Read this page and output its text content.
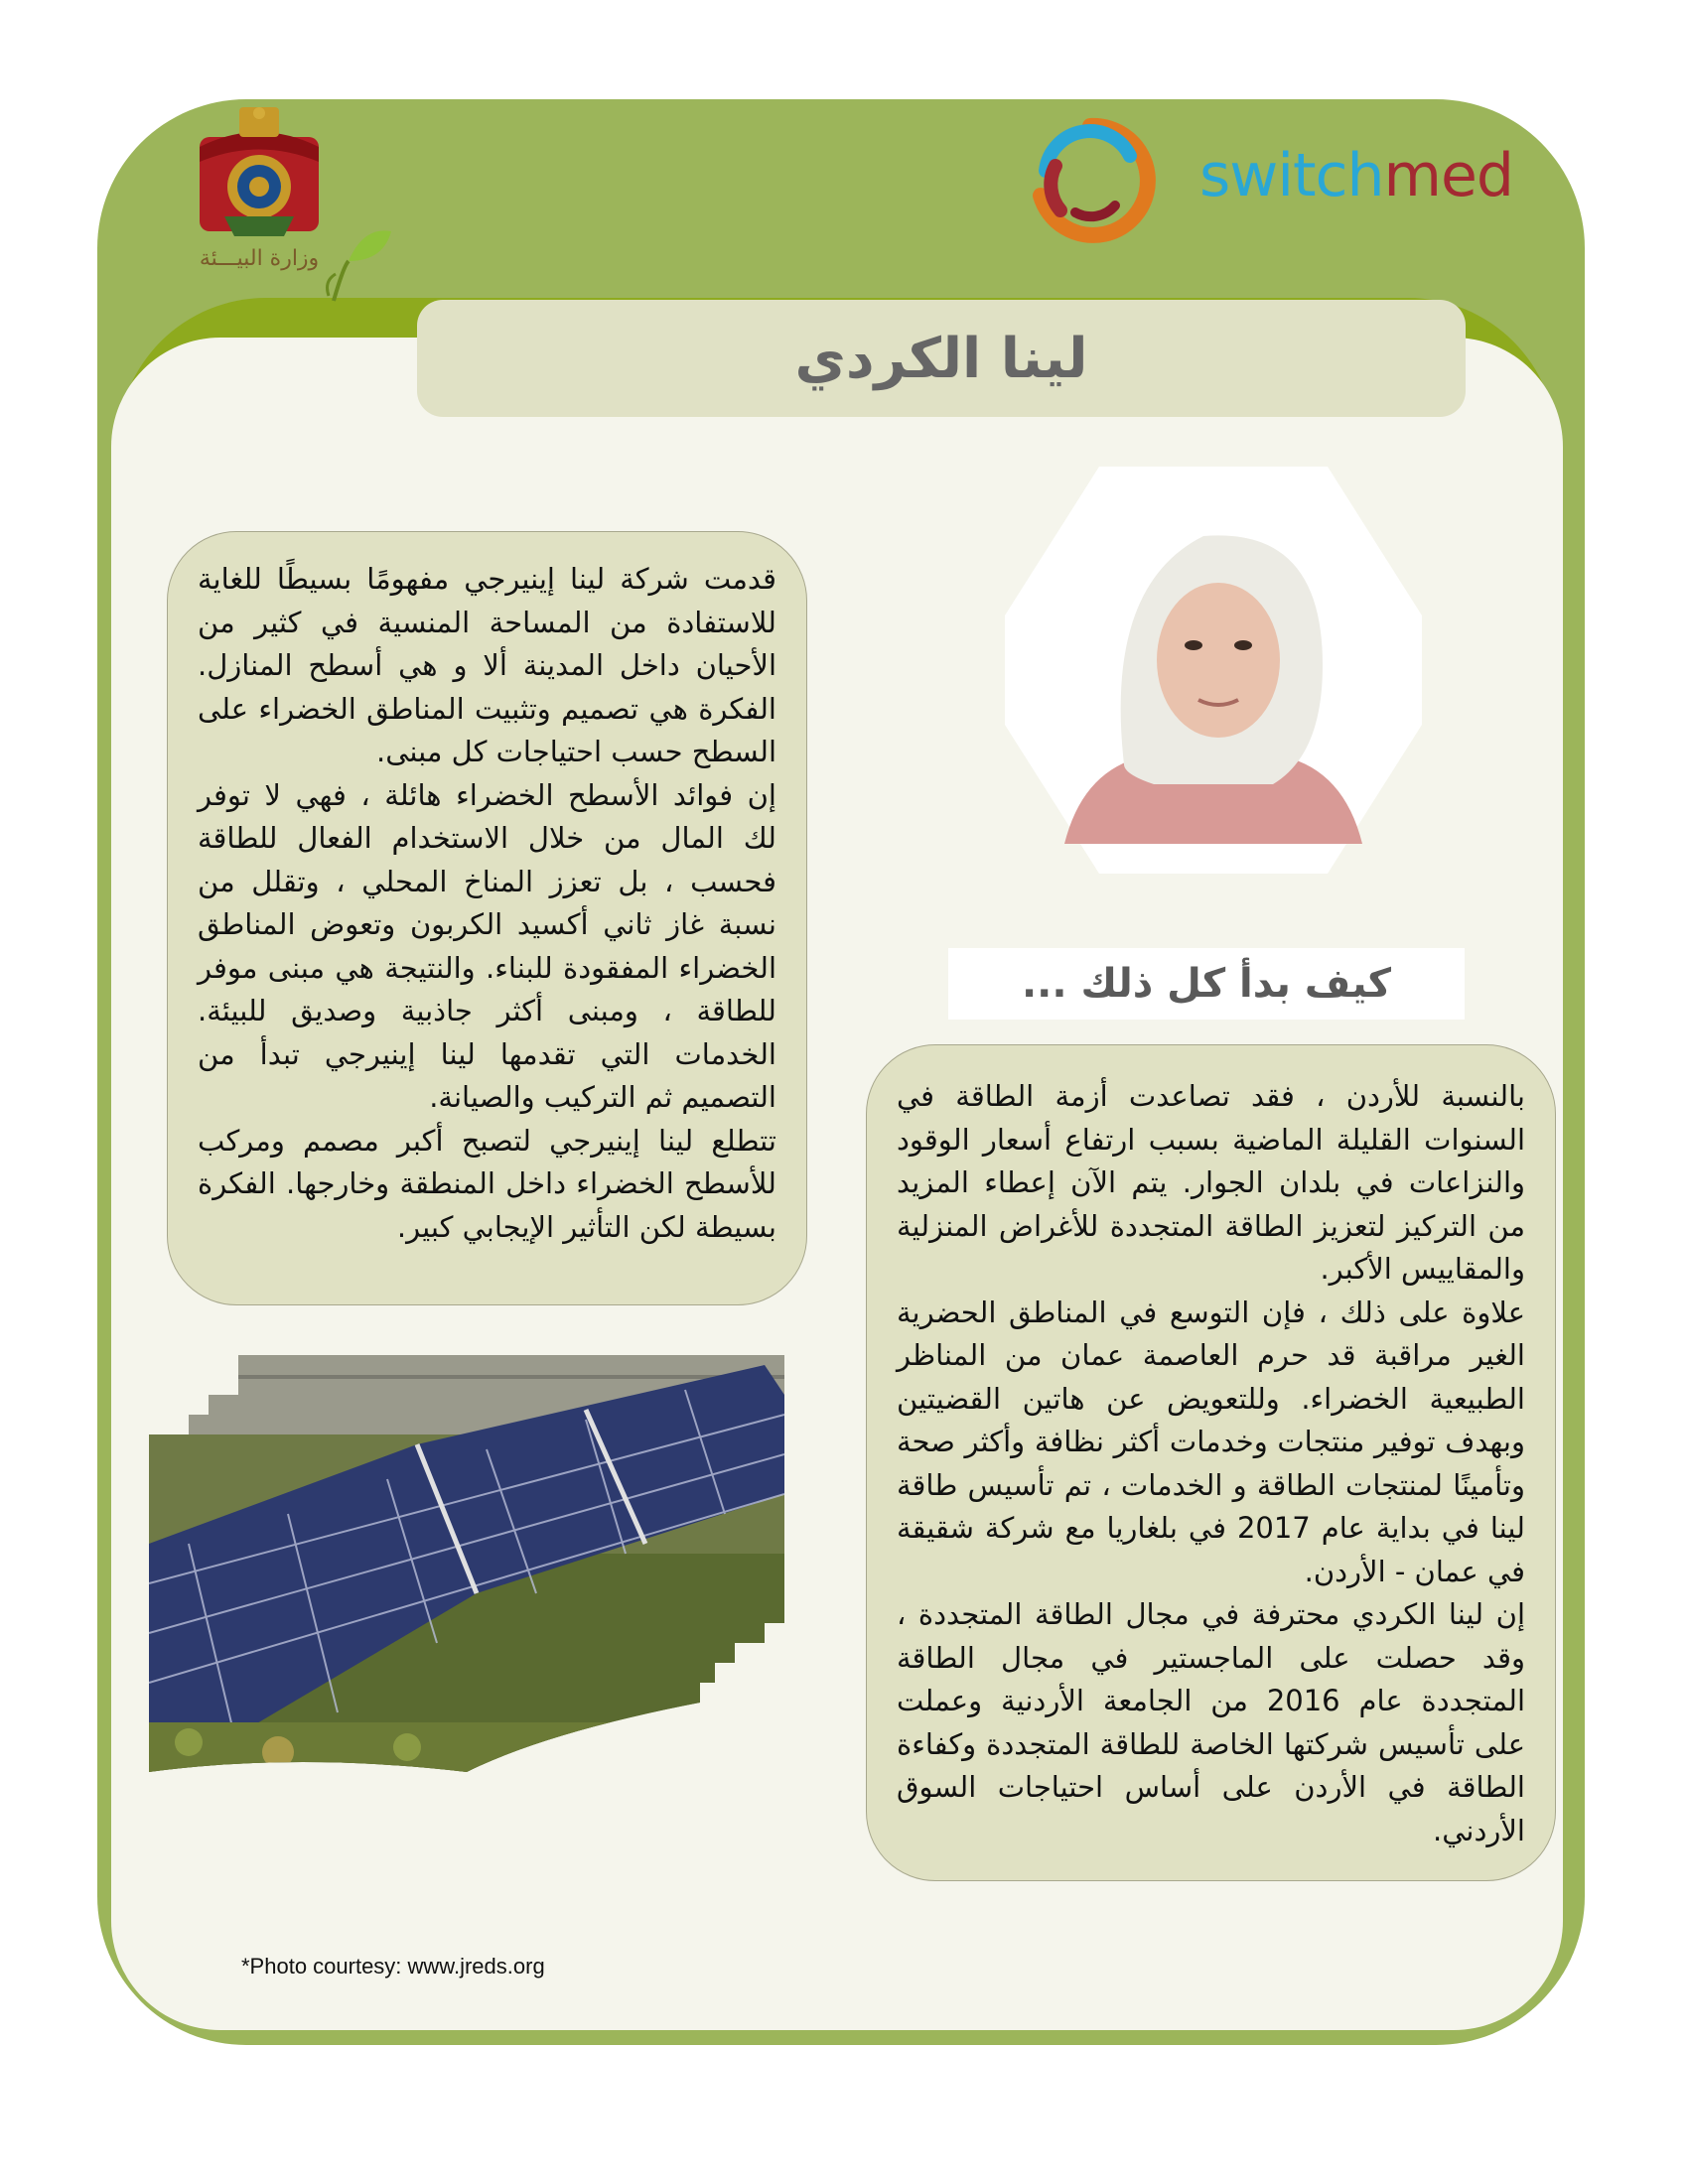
وزارة البيـــئة
switchmed
لينا الكردي
كيف بدأ كل ذلك ...

قدمت شركة لينا إينيرجي مفهومًا بسيطًا للغاية للاستفادة من المساحة المنسية في كثير من الأحيان داخل المدينة ألا و هي أسطح المنازل. الفكرة هي تصميم وتثبيت المناطق الخضراء على السطح حسب احتياجات كل مبنى.

إن فوائد الأسطح الخضراء هائلة ، فهي لا توفر لك المال من خلال الاستخدام الفعال للطاقة فحسب ، بل تعزز المناخ المحلي ، وتقلل من نسبة غاز ثاني أكسيد الكربون وتعوض المناطق الخضراء المفقودة للبناء. والنتيجة هي مبنى موفر للطاقة ، ومبنى أكثر جاذبية وصديق للبيئة. الخدمات التي تقدمها لينا إينيرجي تبدأ من التصميم ثم التركيب والصيانة.

تتطلع لينا إينيرجي لتصبح أكبر مصمم ومركب للأسطح الخضراء داخل المنطقة وخارجها. الفكرة بسيطة لكن التأثير الإيجابي كبير.

بالنسبة للأردن ، فقد تصاعدت أزمة الطاقة في السنوات القليلة الماضية بسبب ارتفاع أسعار الوقود والنزاعات في بلدان الجوار. يتم الآن إعطاء المزيد من التركيز لتعزيز الطاقة المتجددة للأغراض المنزلية والمقاييس الأكبر.

علاوة على ذلك ، فإن التوسع في المناطق الحضرية الغير مراقبة قد حرم العاصمة عمان من المناظر الطبيعية الخضراء. وللتعويض عن هاتين القضيتين وبهدف توفير منتجات وخدمات أكثر نظافة وأكثر صحة وتأمينًا لمنتجات الطاقة و الخدمات ، تم تأسيس طاقة لينا في بداية عام 2017 في بلغاريا مع شركة شقيقة في عمان - الأردن.

إن لينا الكردي محترفة في مجال الطاقة المتجددة ، وقد حصلت على الماجستير في مجال الطاقة المتجددة عام 2016 من الجامعة الأردنية وعملت على تأسيس شركتها الخاصة للطاقة المتجددة وكفاءة الطاقة في الأردن على أساس احتياجات السوق الأردني.

*Photo courtesy: www.jreds.org
